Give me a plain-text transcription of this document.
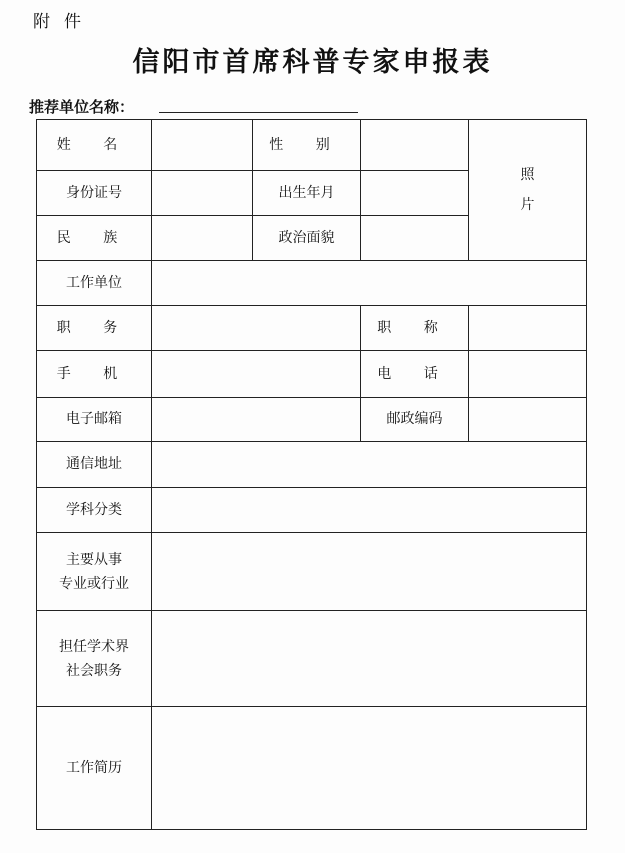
附件
信阳市首席科普专家申报表
推荐单位名称：
姓 名	性 别
照
片
身份证号	出生年月
民 族	政治面貌
工作单位
职 务	职 称
手 机	电 话
电子邮箱	邮政编码
通信地址
学科分类
主要从事
专业或行业
担任学术界
社会职务
工作简历
